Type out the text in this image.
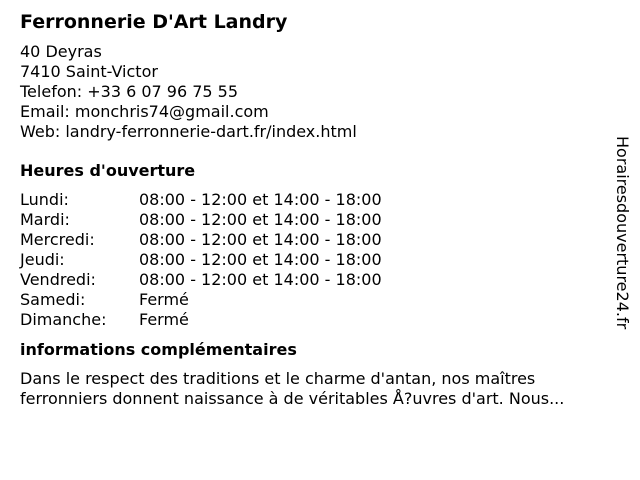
Ferronnerie D'Art Landry
40 Deyras
7410 Saint-Victor
Telefon: +33 6 07 96 75 55
Email: monchris74@gmail.com
Web: landry-ferronnerie-dart.fr/index.html
Heures d'ouverture
Lundi:	08:00 - 12:00 et 14:00 - 18:00
Mardi:	08:00 - 12:00 et 14:00 - 18:00
Mercredi:	08:00 - 12:00 et 14:00 - 18:00
Jeudi:	08:00 - 12:00 et 14:00 - 18:00
Vendredi:	08:00 - 12:00 et 14:00 - 18:00
Samedi:	Fermé
Dimanche:	Fermé
informations complémentaires
Dans le respect des traditions et le charme d'antan, nos maîtres ferronniers donnent naissance à de véritables Å?uvres d'art. Nous...
Horairesdouverture24.fr
